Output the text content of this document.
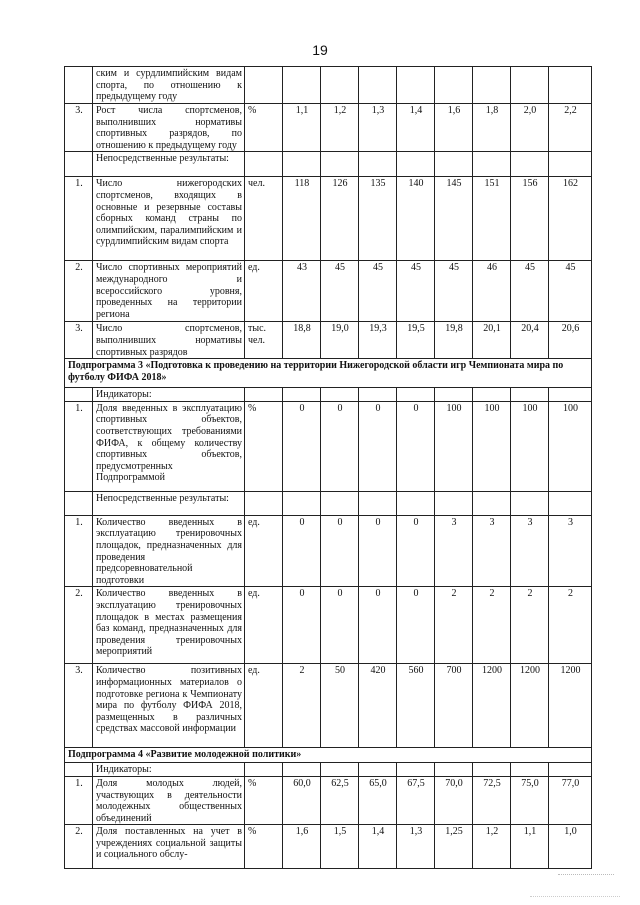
19
	ским и сурдлимпийским видам спорта, по отношению к предыдущему году									
3.	Рост числа спортсменов, выполнивших нормативы спортивных разрядов, по отношению к предыдущему году	%	1,1	1,2	1,3	1,4	1,6	1,8	2,0	2,2
	Непосредственные результаты:									
1.	Число нижегородских спортсменов, входящих в основные и резервные составы сборных команд страны по олимпийским, паралимпийским и сурдлимпийским видам спорта	чел.	118	126	135	140	145	151	156	162
2.	Число спортивных мероприятий международного и всероссийского уровня, проведенных на территории региона	ед.	43	45	45	45	45	46	45	45
3.	Число спортсменов, выполнивших нормативы спортивных разрядов	тыс. чел.	18,8	19,0	19,3	19,5	19,8	20,1	20,4	20,6
Подпрограмма 3 «Подготовка к проведению на территории Нижегородской области игр Чемпионата мира по футболу ФИФА 2018»										
	Индикаторы:									
1.	Доля введенных в эксплуатацию спортивных объектов, соответствующих требованиями ФИФА, к общему количеству спортивных объектов, предусмотренных Подпрограммой	%	0	0	0	0	100	100	100	100
	Непосредственные результаты:									
1.	Количество введенных в эксплуатацию тренировочных площадок, предназначенных для проведения предсоревновательной подготовки	ед.	0	0	0	0	3	3	3	3
2.	Количество введенных в эксплуатацию тренировочных площадок в местах размещения баз команд, предназначенных для проведения тренировочных мероприятий	ед.	0	0	0	0	2	2	2	2
3.	Количество позитивных информационных материалов о подготовке региона к Чемпионату мира по футболу ФИФА 2018, размещенных в различных средствах массовой информации	ед.	2	50	420	560	700	1200	1200	1200
Подпрограмма 4 «Развитие молодежной политики»										
	Индикаторы:									
1.	Доля молодых людей, участвующих в деятельности молодежных общественных объединений	%	60,0	62,5	65,0	67,5	70,0	72,5	75,0	77,0
2.	Доля поставленных на учет в учреждениях социальной защиты и социального обслу-	%	1,6	1,5	1,4	1,3	1,25	1,2	1,1	1,0
